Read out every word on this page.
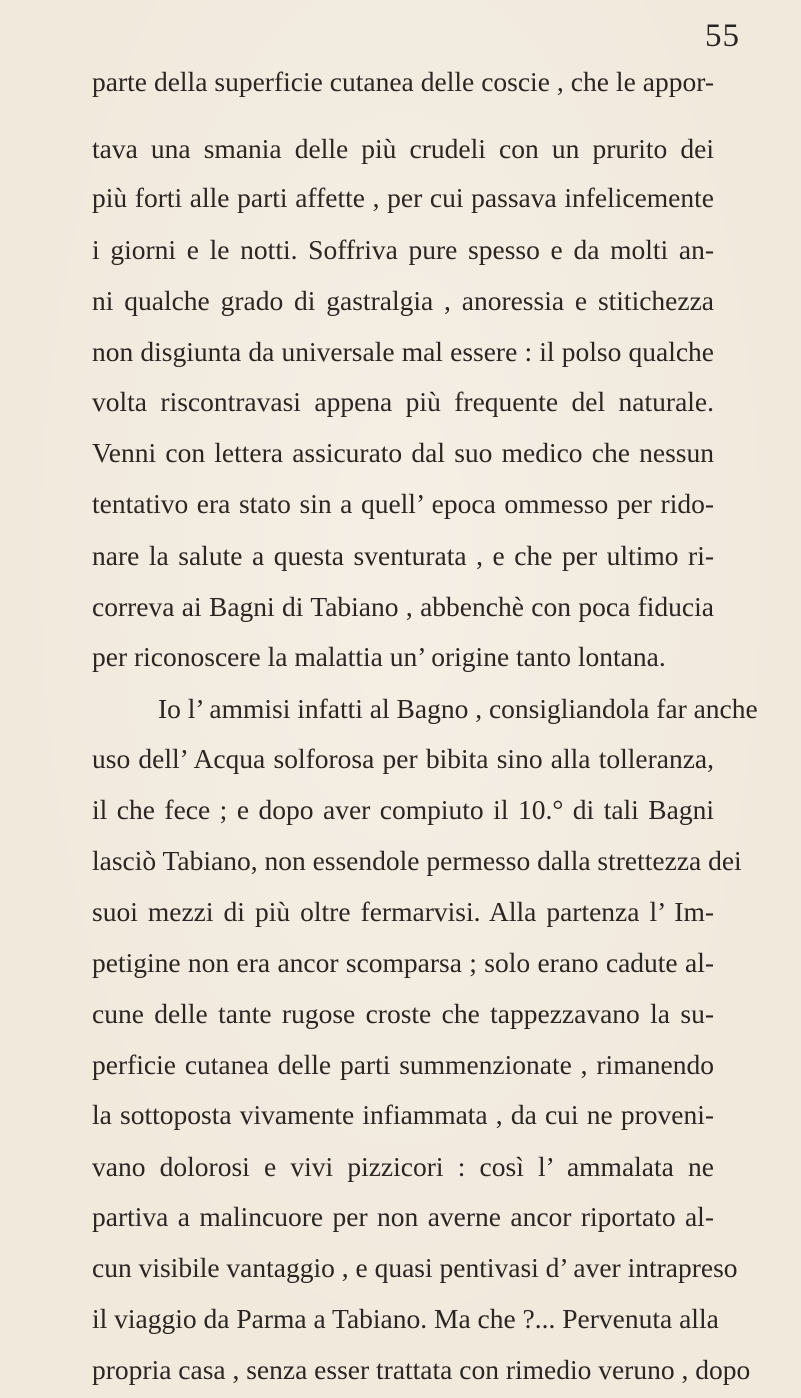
55
parte della superficie cutanea delle coscie , che le appor-
tava una smania delle più crudeli con un prurito dei
più forti alle parti affette , per cui passava infelicemente
i giorni e le notti. Soffriva pure spesso e da molti an-
ni qualche grado di gastralgia , anoressia e stitichezza
non disgiunta da universale mal essere : il polso qualche
volta riscontravasi appena più frequente del naturale.
Venni con lettera assicurato dal suo medico che nessun
tentativo era stato sin a quell’ epoca ommesso per rido-
nare la salute a questa sventurata , e che per ultimo ri-
correva ai Bagni di Tabiano , abbenchè con poca fiducia
per riconoscere la malattia un’ origine tanto lontana.
Io l’ ammisi infatti al Bagno , consigliandola far anche
uso dell’ Acqua solforosa per bibita sino alla tolleranza,
il che fece ; e dopo aver compiuto il 10.° di tali Bagni
lasciò Tabiano, non essendole permesso dalla strettezza dei
suoi mezzi di più oltre fermarvisi. Alla partenza l’ Im-
petigine non era ancor scomparsa ; solo erano cadute al-
cune delle tante rugose croste che tappezzavano la su-
perficie cutanea delle parti summenzionate , rimanendo
la sottoposta vivamente infiammata , da cui ne proveni-
vano dolorosi e vivi pizzicori : così l’ ammalata ne
partiva a malincuore per non averne ancor riportato al-
cun visibile vantaggio , e quasi pentivasi d’ aver intrapreso
il viaggio da Parma a Tabiano. Ma che ?... Pervenuta alla
propria casa , senza esser trattata con rimedio veruno , dopo
